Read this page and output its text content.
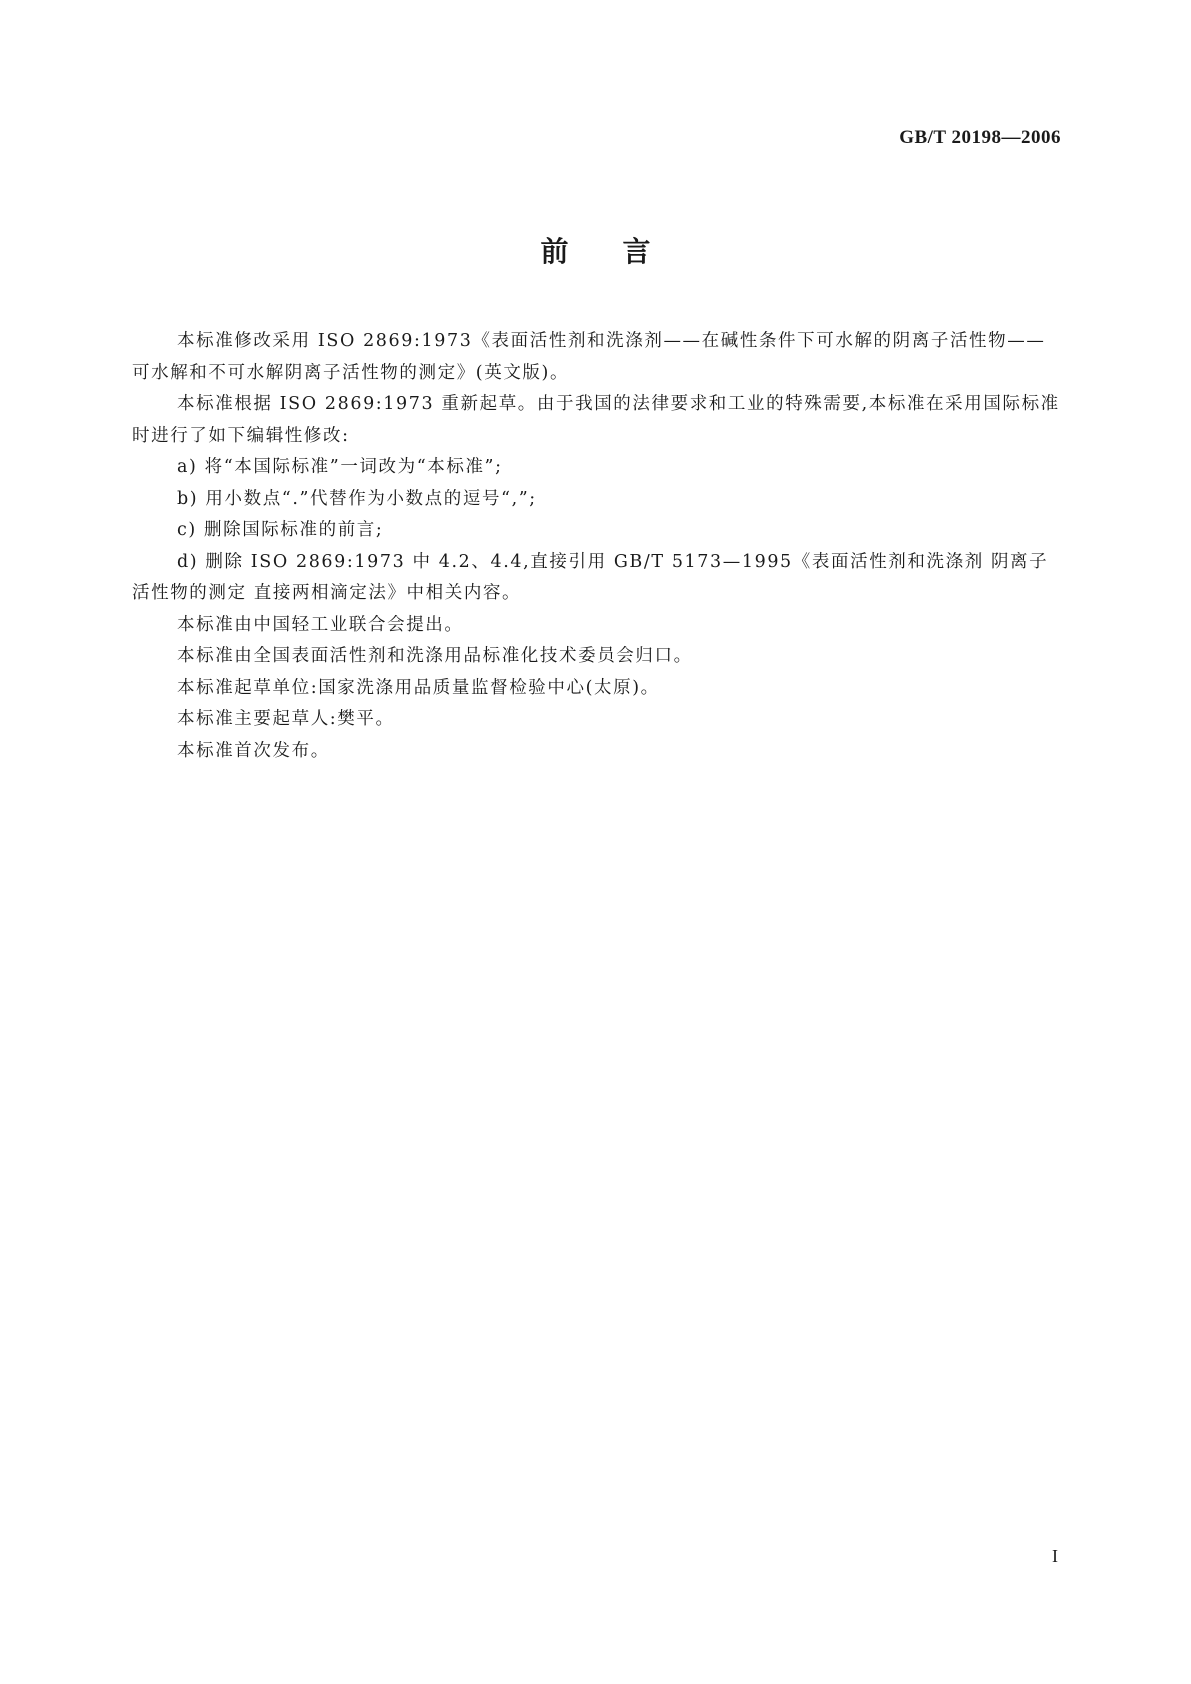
GB/T 20198—2006
前言

本标准修改采用 ISO 2869:1973《表面活性剂和洗涤剂——在碱性条件下可水解的阴离子活性物——可水解和不可水解阴离子活性物的测定》(英文版)。

本标准根据 ISO 2869:1973 重新起草。由于我国的法律要求和工业的特殊需要,本标准在采用国际标准时进行了如下编辑性修改:

a) 将“本国际标准”一词改为“本标准”;

b) 用小数点“.”代替作为小数点的逗号“,”;

c) 删除国际标准的前言;

d) 删除 ISO 2869:1973 中 4.2、4.4,直接引用 GB/T 5173—1995《表面活性剂和洗涤剂 阴离子活性物的测定 直接两相滴定法》中相关内容。

本标准由中国轻工业联合会提出。

本标准由全国表面活性剂和洗涤用品标准化技术委员会归口。

本标准起草单位:国家洗涤用品质量监督检验中心(太原)。

本标准主要起草人:樊平。

本标准首次发布。

I
